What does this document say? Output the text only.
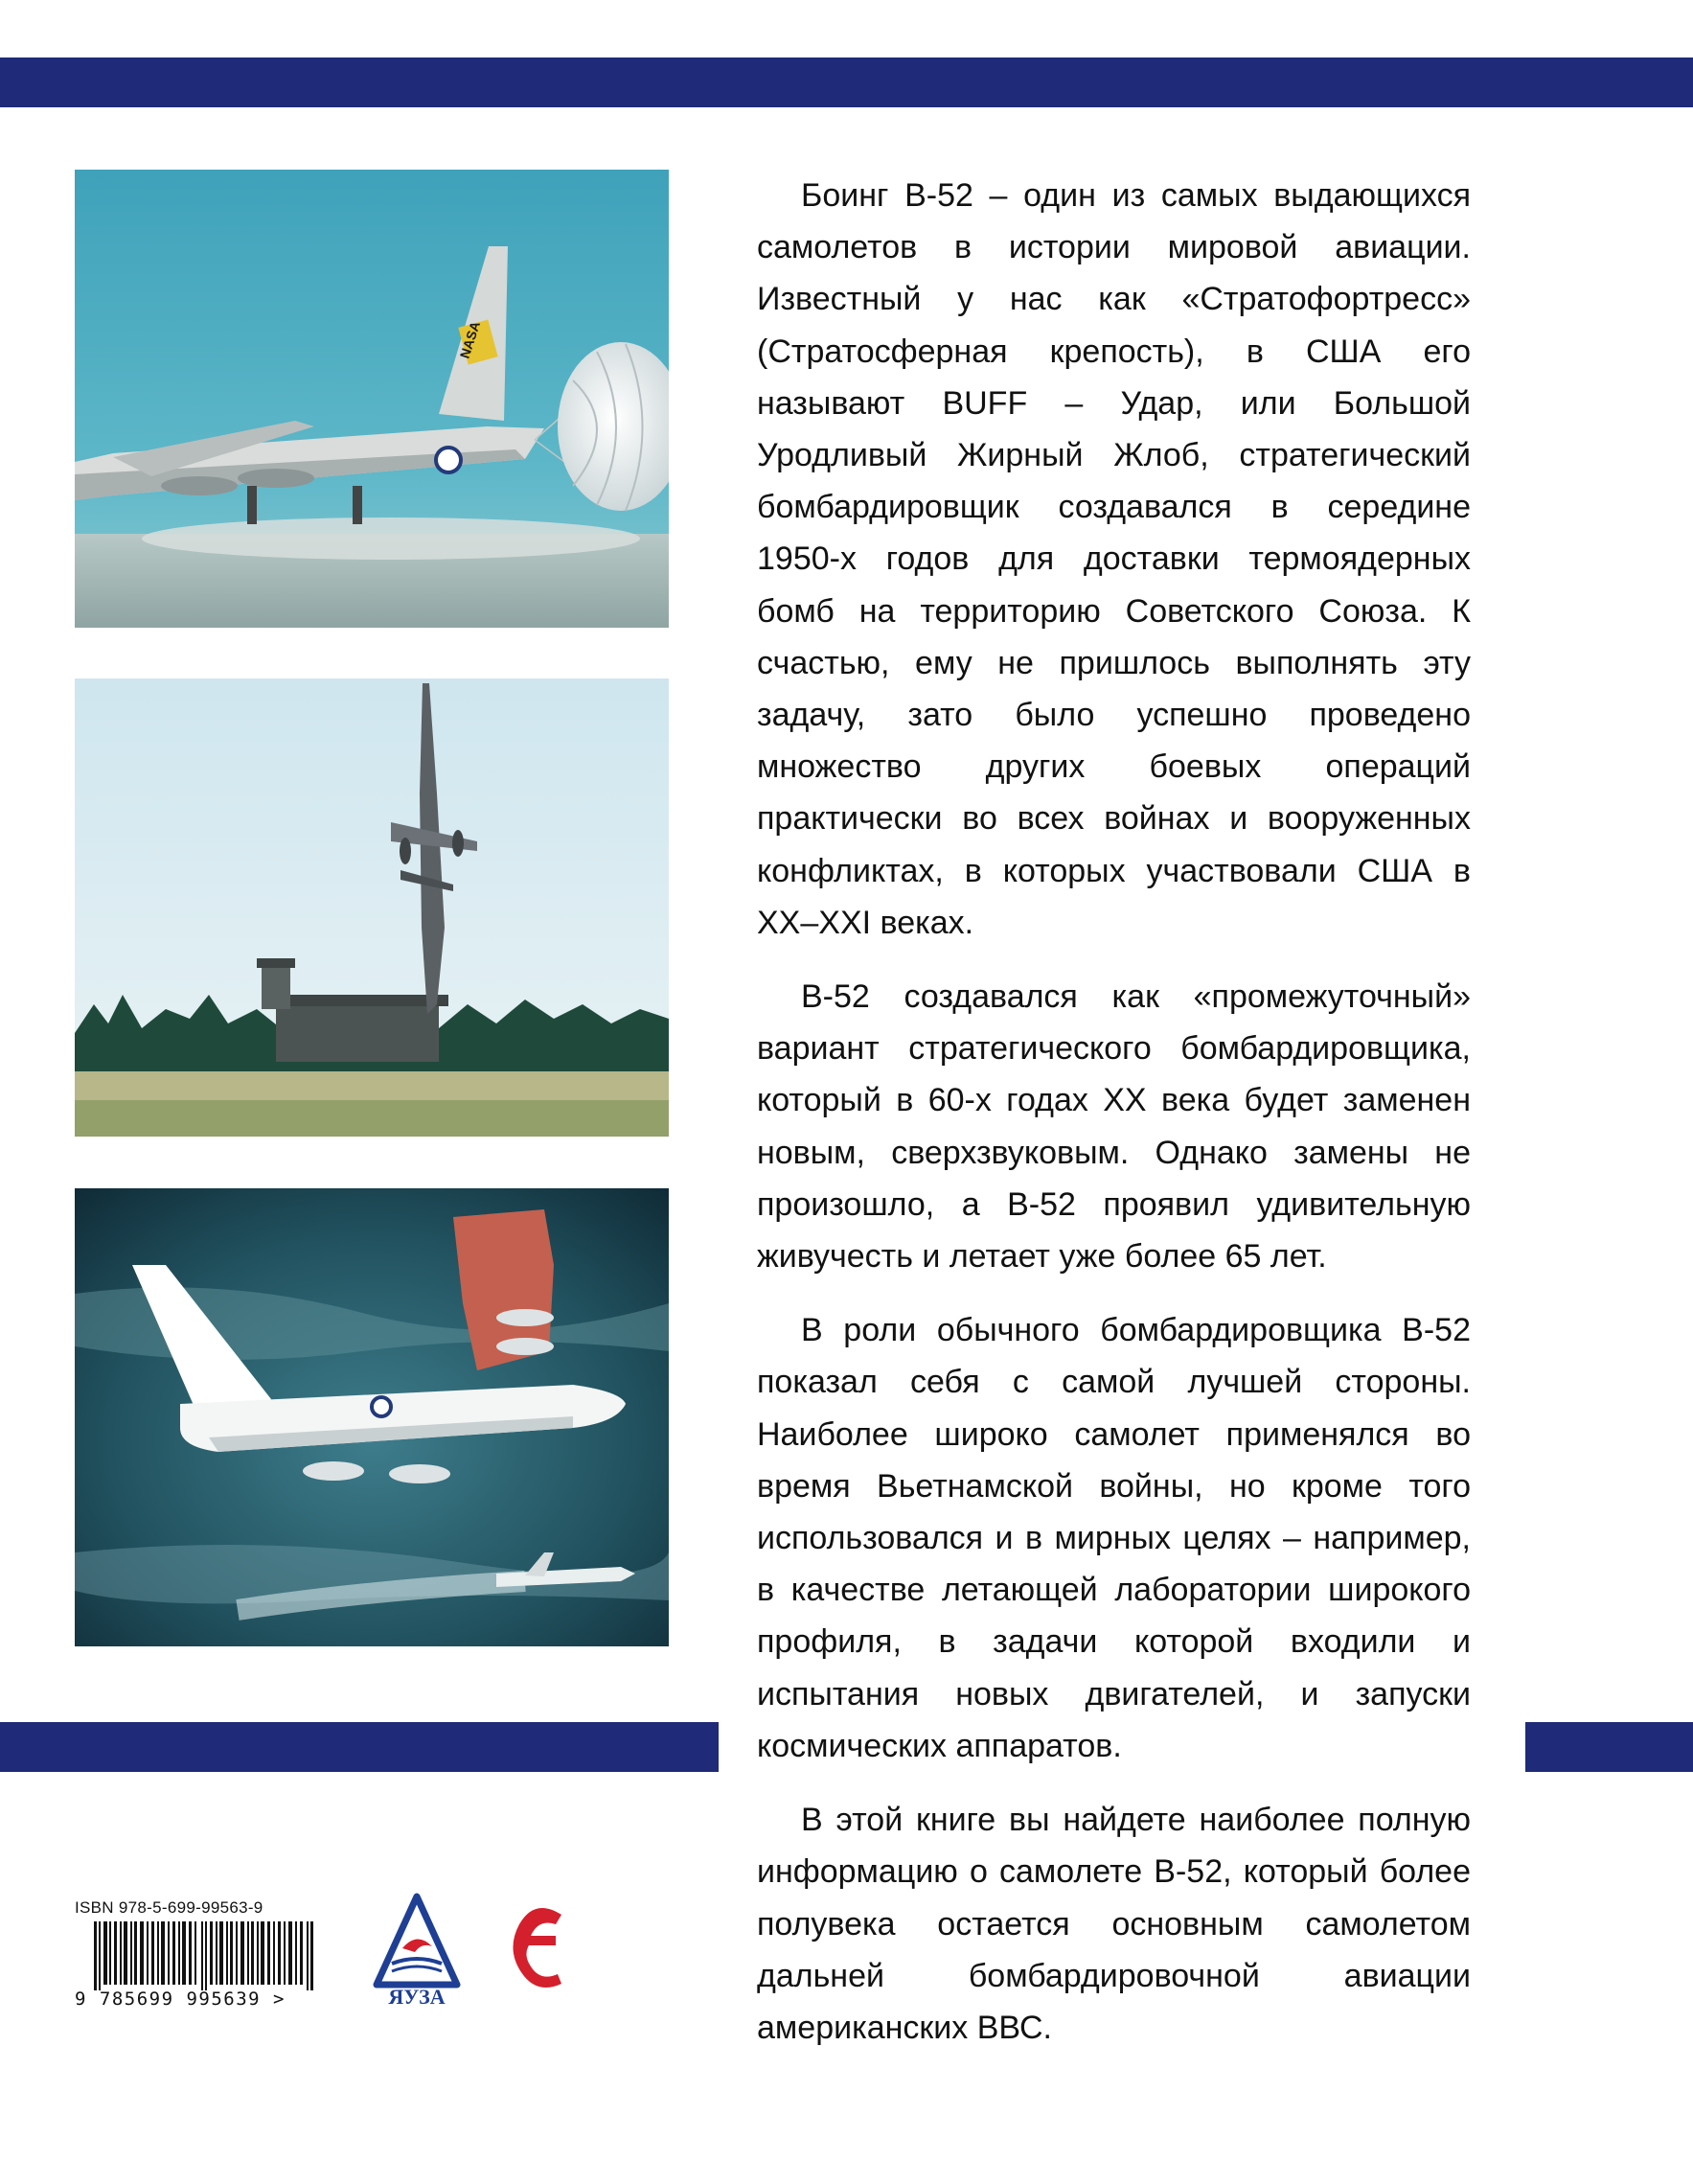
NASA

Боинг B-52 – один из самых выдающихся самолетов в истории мировой авиации. Известный у нас как «Стратофортресс» (Стратосферная крепость), в США его называют BUFF – Удар, или Большой Уродливый Жирный Жлоб, стратегический бомбардировщик создавался в середине 1950-х годов для доставки термоядерных бомб на территорию Советского Союза. К счастью, ему не пришлось выполнять эту задачу, зато было успешно проведено множество других боевых операций практически во всех войнах и вооруженных конфликтах, в которых участвовали США в XX–XXI веках.

B-52 создавался как «промежуточный» вариант стратегического бомбардировщика, который в 60-х годах XX века будет заменен новым, сверхзвуковым. Однако замены не произошло, а B-52 проявил удивительную живучесть и летает уже более 65 лет.

В роли обычного бомбардировщика B-52 показал себя с самой лучшей стороны. Наиболее широко самолет применялся во время Вьетнамской войны, но кроме того использовался и в мирных целях – например, в качестве летающей лаборатории широкого профиля, в задачи которой входили и испытания новых двигателей, и запуски космических аппаратов.

В этой книге вы найдете наиболее полную информацию о самолете B-52, который более полувека остается основным самолетом дальней бомбардировочной авиации американских ВВС.

ISBN 978-5-699-99563-9
9 785699 995639 >	ЯУЗА
